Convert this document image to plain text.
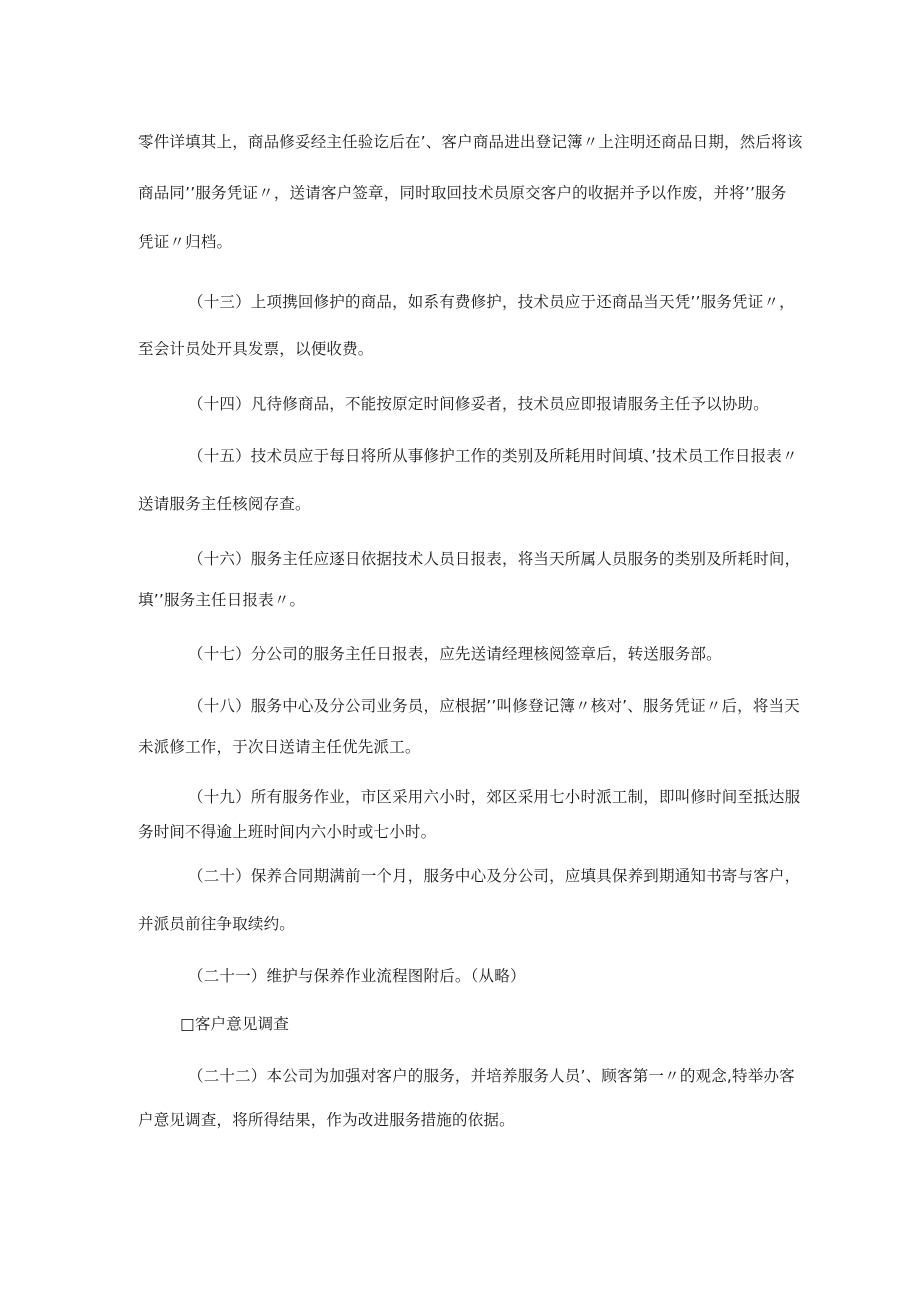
零件详填其上，商品修妥经主任验讫后在’、客户商品进出登记簿〃上注明还商品日期，然后将该
商品同’’服务凭证〃，送请客户签章，同时取回技术员原交客户的收据并予以作废，并将’’服务
凭证〃归档。
（十三）上项携回修护的商品，如系有费修护，技术员应于还商品当天凭’’服务凭证〃，
至会计员处开具发票，以便收费。
（十四）凡待修商品，不能按原定时间修妥者，技术员应即报请服务主任予以协助。
（十五）技术员应于每日将所从事修护工作的类别及所耗用时间填、’技术员工作日报表〃
送请服务主任核阅存查。
（十六）服务主任应逐日依据技术人员日报表，将当天所属人员服务的类别及所耗时间，
填’’服务主任日报表〃。
（十七）分公司的服务主任日报表，应先送请经理核阅签章后，转送服务部。
（十八）服务中心及分公司业务员，应根据’’叫修登记簿〃核对’、服务凭证〃后，将当天
未派修工作，于次日送请主任优先派工。
（十九）所有服务作业，市区采用六小时，郊区采用七小时派工制，即叫修时间至抵达服
务时间不得逾上班时间内六小时或七小时。
（二十）保养合同期满前一个月，服务中心及分公司，应填具保养到期通知书寄与客户，
并派员前往争取续约。
（二十一）维护与保养作业流程图附后。（从略）
□客户意见调查
（二十二）本公司为加强对客户的服务，并培养服务人员’、顾客第一〃的观念,特举办客
户意见调查，将所得结果，作为改进服务措施的依据。
